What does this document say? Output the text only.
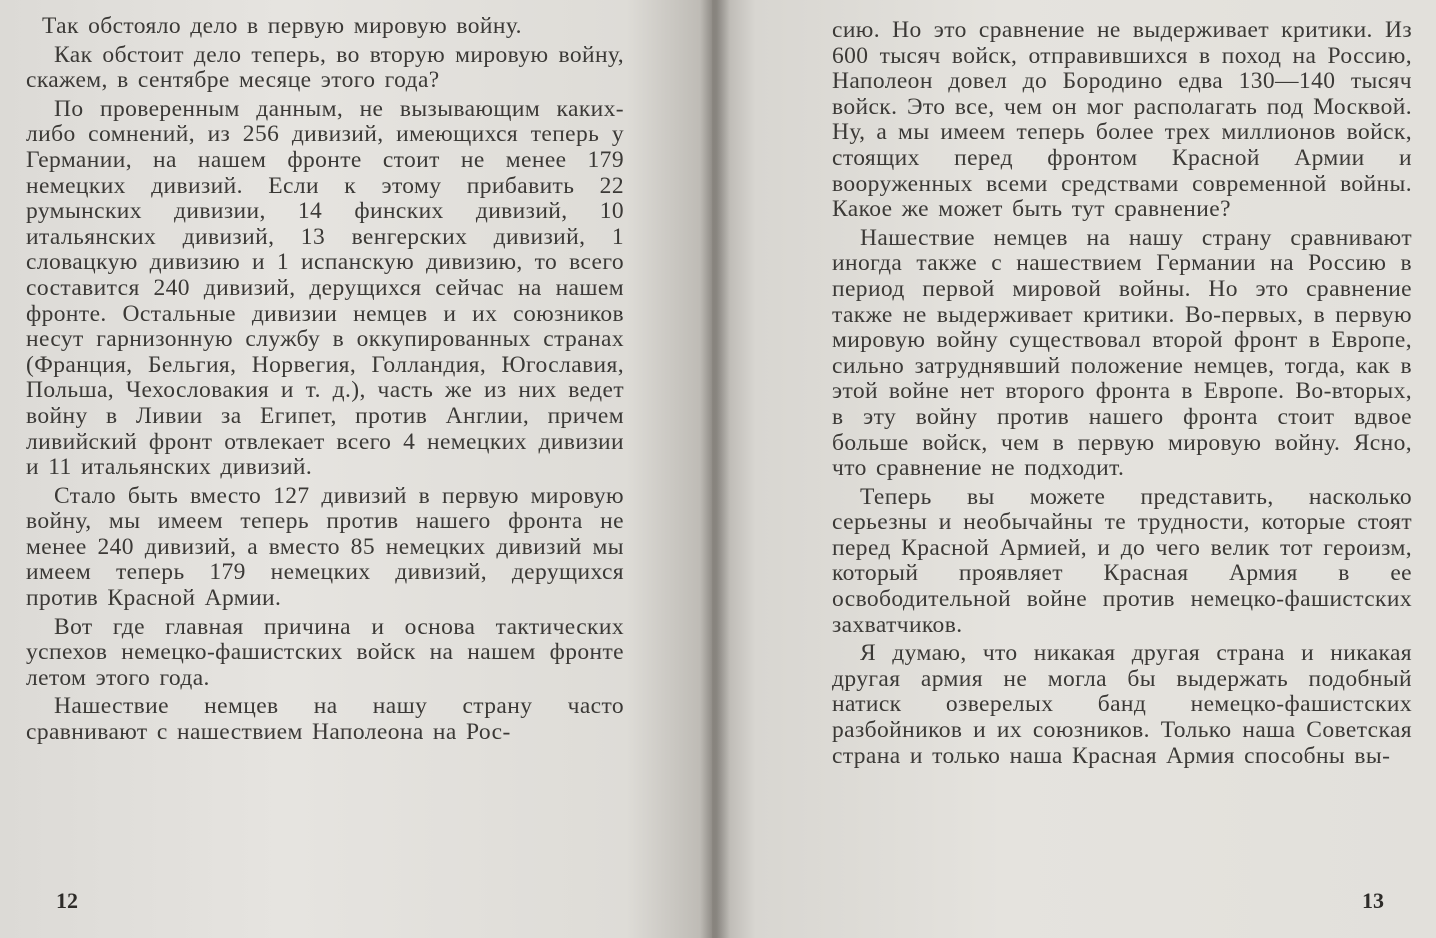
Так обстояло дело в первую мировую войну.

Как обстоит дело теперь, во вторую мировую войну, скажем, в сентябре месяце этого года?

По проверенным данным, не вызывающим каких-либо сомнений, из 256 дивизий, имеющихся теперь у Германии, на нашем фронте стоит не менее 179 немецких дивизий. Если к этому прибавить 22 румынских дивизии, 14 финских дивизий, 10 итальянских дивизий, 13 венгерских дивизий, 1 словацкую дивизию и 1 испанскую дивизию, то всего составится 240 дивизий, дерущихся сейчас на нашем фронте. Остальные дивизии немцев и их союзников несут гарнизонную службу в оккупированных странах (Франция, Бельгия, Норвегия, Голландия, Югославия, Польша, Чехословакия и т. д.), часть же из них ведет войну в Ливии за Египет, против Англии, причем ливийский фронт отвлекает всего 4 немецких дивизии и 11 итальянских дивизий.

Стало быть вместо 127 дивизий в первую мировую войну, мы имеем теперь против нашего фронта не менее 240 дивизий, а вместо 85 немецких дивизий мы имеем теперь 179 немецких дивизий, дерущихся против Красной Армии.

Вот где главная причина и основа тактических успехов немецко-фашистских войск на нашем фронте летом этого года.

Нашествие немцев на нашу страну часто сравнивают с нашествием Наполеона на Рос-

12

сию. Но это сравнение не выдерживает критики. Из 600 тысяч войск, отправившихся в поход на Россию, Наполеон довел до Бородино едва 130—140 тысяч войск. Это все, чем он мог располагать под Москвой. Ну, а мы имеем теперь более трех миллионов войск, стоящих перед фронтом Красной Армии и вооруженных всеми средствами современной войны. Какое же может быть тут сравнение?

Нашествие немцев на нашу страну сравнивают иногда также с нашествием Германии на Россию в период первой мировой войны. Но это сравнение также не выдерживает критики. Во-первых, в первую мировую войну существовал второй фронт в Европе, сильно затруднявший положение немцев, тогда, как в этой войне нет второго фронта в Европе. Во-вторых, в эту войну против нашего фронта стоит вдвое больше войск, чем в первую мировую войну. Ясно, что сравнение не подходит.

Теперь вы можете представить, насколько серьезны и необычайны те трудности, которые стоят перед Красной Армией, и до чего велик тот героизм, который проявляет Красная Армия в ее освободительной войне против немецко-фашистских захватчиков.

Я думаю, что никакая другая страна и никакая другая армия не могла бы выдержать подобный натиск озверелых банд немецко-фашистских разбойников и их союзников. Только наша Советская страна и только наша Красная Армия способны вы-

13
